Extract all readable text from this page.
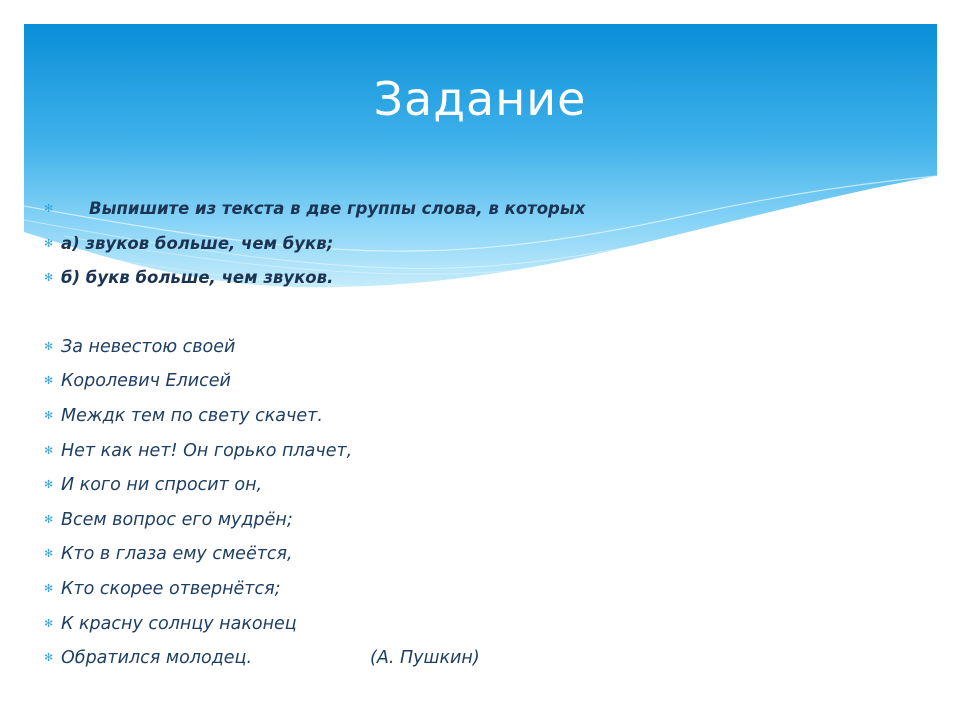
Задание
✻ Выпишите из текста в две группы слова, в которых
✻ а) звуков больше, чем букв;
✻ б) букв больше, чем звуков.
✻ За невестою своей
✻ Королевич Елисей
✻ Междк тем по свету скачет.
✻ Нет как нет! Он горько плачет,
✻ И кого ни спросит он,
✻ Всем вопрос его мудрён;
✻ Кто в глаза ему смеётся,
✻ Кто скорее отвернётся;
✻ К красну солнцу наконец
✻ Обратился молодец.	(А. Пушкин)
